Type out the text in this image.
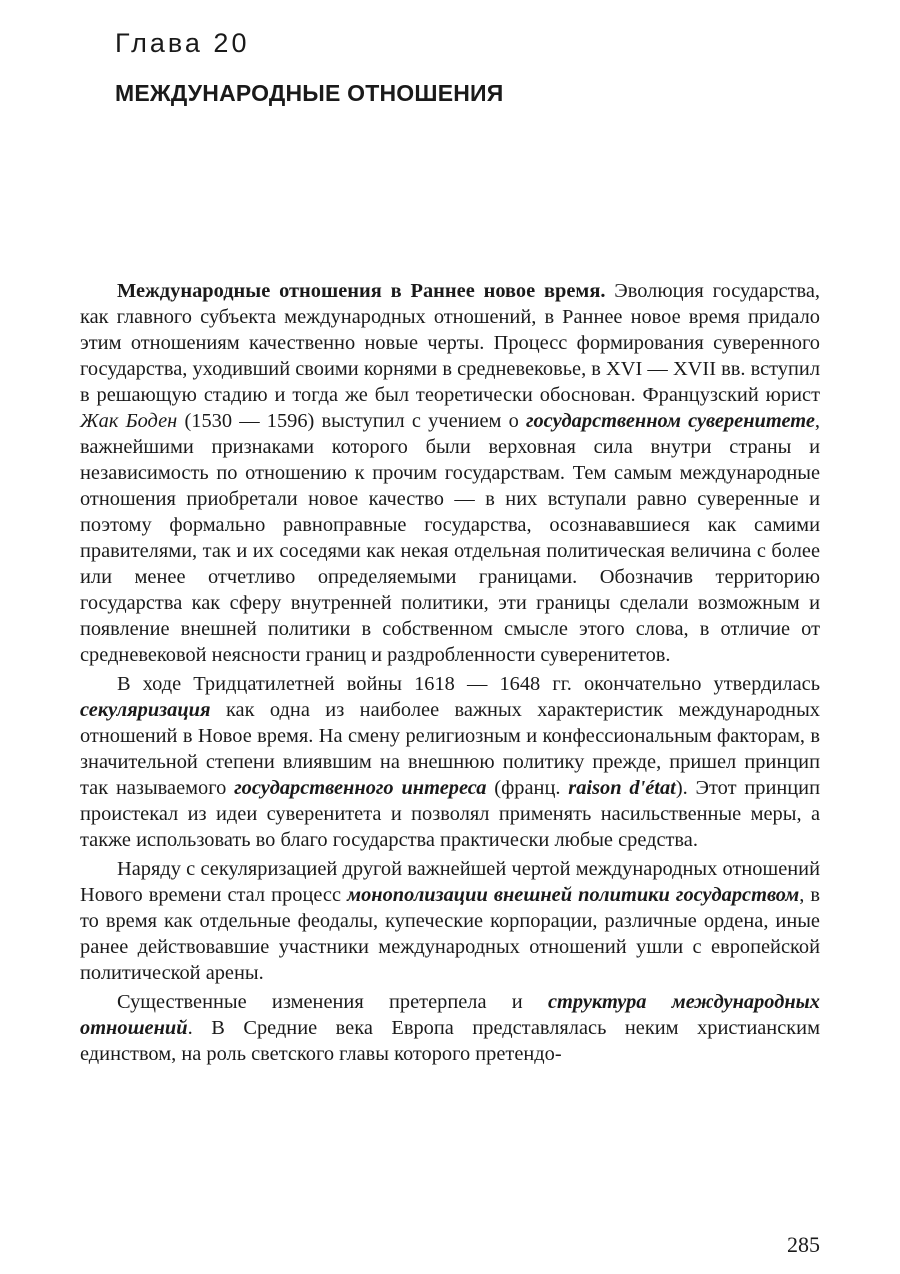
Глава 20
МЕЖДУНАРОДНЫЕ ОТНОШЕНИЯ

Международные отношения в Раннее новое время. Эволюция государства, как главного субъекта международных отношений, в Раннее новое время придало этим отношениям качественно новые черты. Процесс формирования суверенного государства, уходивший своими корнями в средневековье, в XVI — XVII вв. вступил в решающую стадию и тогда же был теоретически обоснован. Французский юрист Жак Боден (1530 — 1596) выступил с учением о государственном суверенитете, важнейшими признаками которого были верховная сила внутри страны и независимость по отношению к прочим государствам. Тем самым международные отношения приобретали новое качество — в них вступали равно суверенные и поэтому формально равноправные государства, осознававшиеся как самими правителями, так и их соседями как некая отдельная политическая величина с более или менее отчетливо определяемыми границами. Обозначив территорию государства как сферу внутренней политики, эти границы сделали возможным и появление внешней политики в собственном смысле этого слова, в отличие от средневековой неясности границ и раздробленности суверенитетов.

В ходе Тридцатилетней войны 1618 — 1648 гг. окончательно утвердилась секуляризация как одна из наиболее важных характеристик международных отношений в Новое время. На смену религиозным и конфессиональным факторам, в значительной степени влиявшим на внешнюю политику прежде, пришел принцип так называемого государственного интереса (франц. raison d'état). Этот принцип проистекал из идеи суверенитета и позволял применять насильственные меры, а также использовать во благо государства практически любые средства.

Наряду с секуляризацией другой важнейшей чертой международных отношений Нового времени стал процесс монополизации внешней политики государством, в то время как отдельные феодалы, купеческие корпорации, различные ордена, иные ранее действовавшие участники международных отношений ушли с европейской политической арены.

Существенные изменения претерпела и структура международных отношений. В Средние века Европа представлялась неким христианским единством, на роль светского главы которого претендо-

285
